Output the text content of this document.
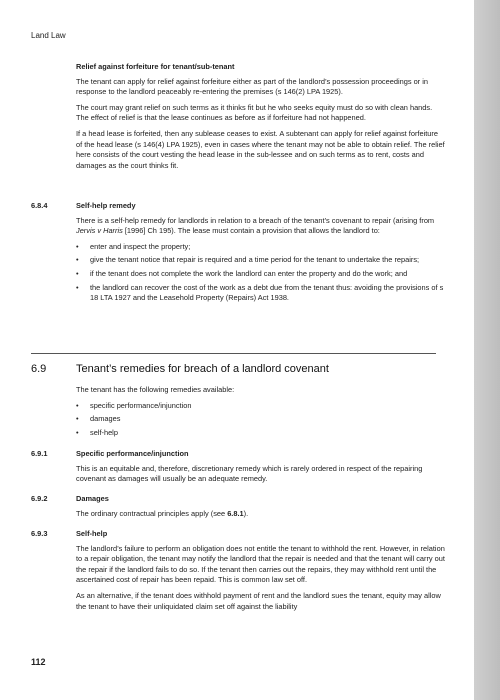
Land Law
Relief against forfeiture for tenant/sub-tenant

The tenant can apply for relief against forfeiture either as part of the landlord’s possession proceedings or in response to the landlord peaceably re-entering the premises (s 146(2) LPA 1925).

The court may grant relief on such terms as it thinks fit but he who seeks equity must do so with clean hands. The effect of relief is that the lease continues as before as if forfeiture had not happened.

If a head lease is forfeited, then any sublease ceases to exist. A subtenant can apply for relief against forfeiture of the head lease (s 146(4) LPA 1925), even in cases where the tenant may not be able to obtain relief. The relief here consists of the court vesting the head lease in the sub-lessee and on such terms as to rent, costs and damages as the court thinks fit.

6.8.4	Self-help remedy

There is a self-help remedy for landlords in relation to a breach of the tenant’s covenant to repair (arising from Jervis v Harris [1996] Ch 195). The lease must contain a provision that allows the landlord to:

• enter and inspect the property;
• give the tenant notice that repair is required and a time period for the tenant to undertake the repairs;
• if the tenant does not complete the work the landlord can enter the property and do the work; and
• the landlord can recover the cost of the work as a debt due from the tenant thus: avoiding the provisions of s 18 LTA 1927 and the Leasehold Property (Repairs) Act 1938.
6.9	Tenant’s remedies for breach of a landlord covenant

The tenant has the following remedies available:

• specific performance/injunction
• damages
• self-help
6.9.1	Specific performance/injunction

This is an equitable and, therefore, discretionary remedy which is rarely ordered in respect of the repairing covenant as damages will usually be an adequate remedy.

6.9.2	Damages

The ordinary contractual principles apply (see 6.8.1).

6.9.3	Self-help

The landlord’s failure to perform an obligation does not entitle the tenant to withhold the rent. However, in relation to a repair obligation, the tenant may notify the landlord that the repair is needed and that the tenant will carry out the repair if the landlord fails to do so. If the tenant then carries out the repairs, they may withhold rent until the ascertained cost of repair has been repaid. This is common law set off.

As an alternative, if the tenant does withhold payment of rent and the landlord sues the tenant, equity may allow the tenant to have their unliquidated claim set off against the liability

112
